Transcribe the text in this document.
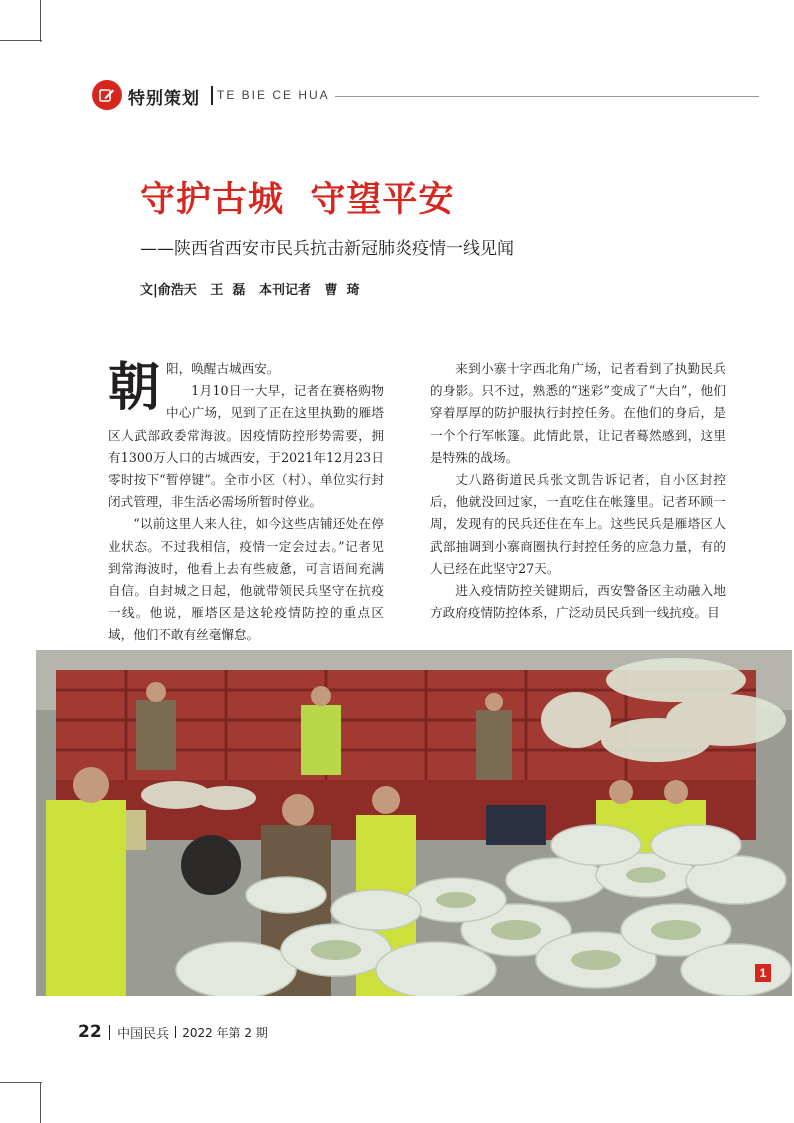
特别策划 TE BIE CE HUA
守护古城  守望平安
——陕西省西安市民兵抗击新冠肺炎疫情一线见闻
文|俞浩天   王  磊   本刊记者   曹  琦
朝 阳，唤醒古城西安。

1月10日一大早，记者在赛格购物中心广场，见到了正在这里执勤的雁塔区人武部政委常海波。因疫情防控形势需要，拥有1300万人口的古城西安，于2021年12月23日零时按下“暂停键”。全市小区（村）、单位实行封闭式管理，非生活必需场所暂时停业。

“以前这里人来人往，如今这些店铺还处在停业状态。不过我相信，疫情一定会过去。”记者见到常海波时，他看上去有些疲惫，可言语间充满自信。自封城之日起，他就带领民兵坚守在抗疫一线。他说，雁塔区是这轮疫情防控的重点区域，他们不敢有丝毫懈怠。

来到小寨十字西北角广场，记者看到了执勤民兵的身影。只不过，熟悉的“迷彩”变成了“大白”，他们穿着厚厚的防护服执行封控任务。在他们的身后，是一个个行军帐篷。此情此景，让记者蓦然感到，这里是特殊的战场。

丈八路街道民兵张文凯告诉记者，自小区封控后，他就没回过家，一直吃住在帐篷里。记者环顾一周，发现有的民兵还住在车上。这些民兵是雁塔区人武部抽调到小寨商圈执行封控任务的应急力量，有的人已经在此坚守27天。

进入疫情防控关键期后，西安警备区主动融入地方政府疫情防控体系，广泛动员民兵到一线抗疫。目

1
22 中国民兵 2022 年第 2 期
